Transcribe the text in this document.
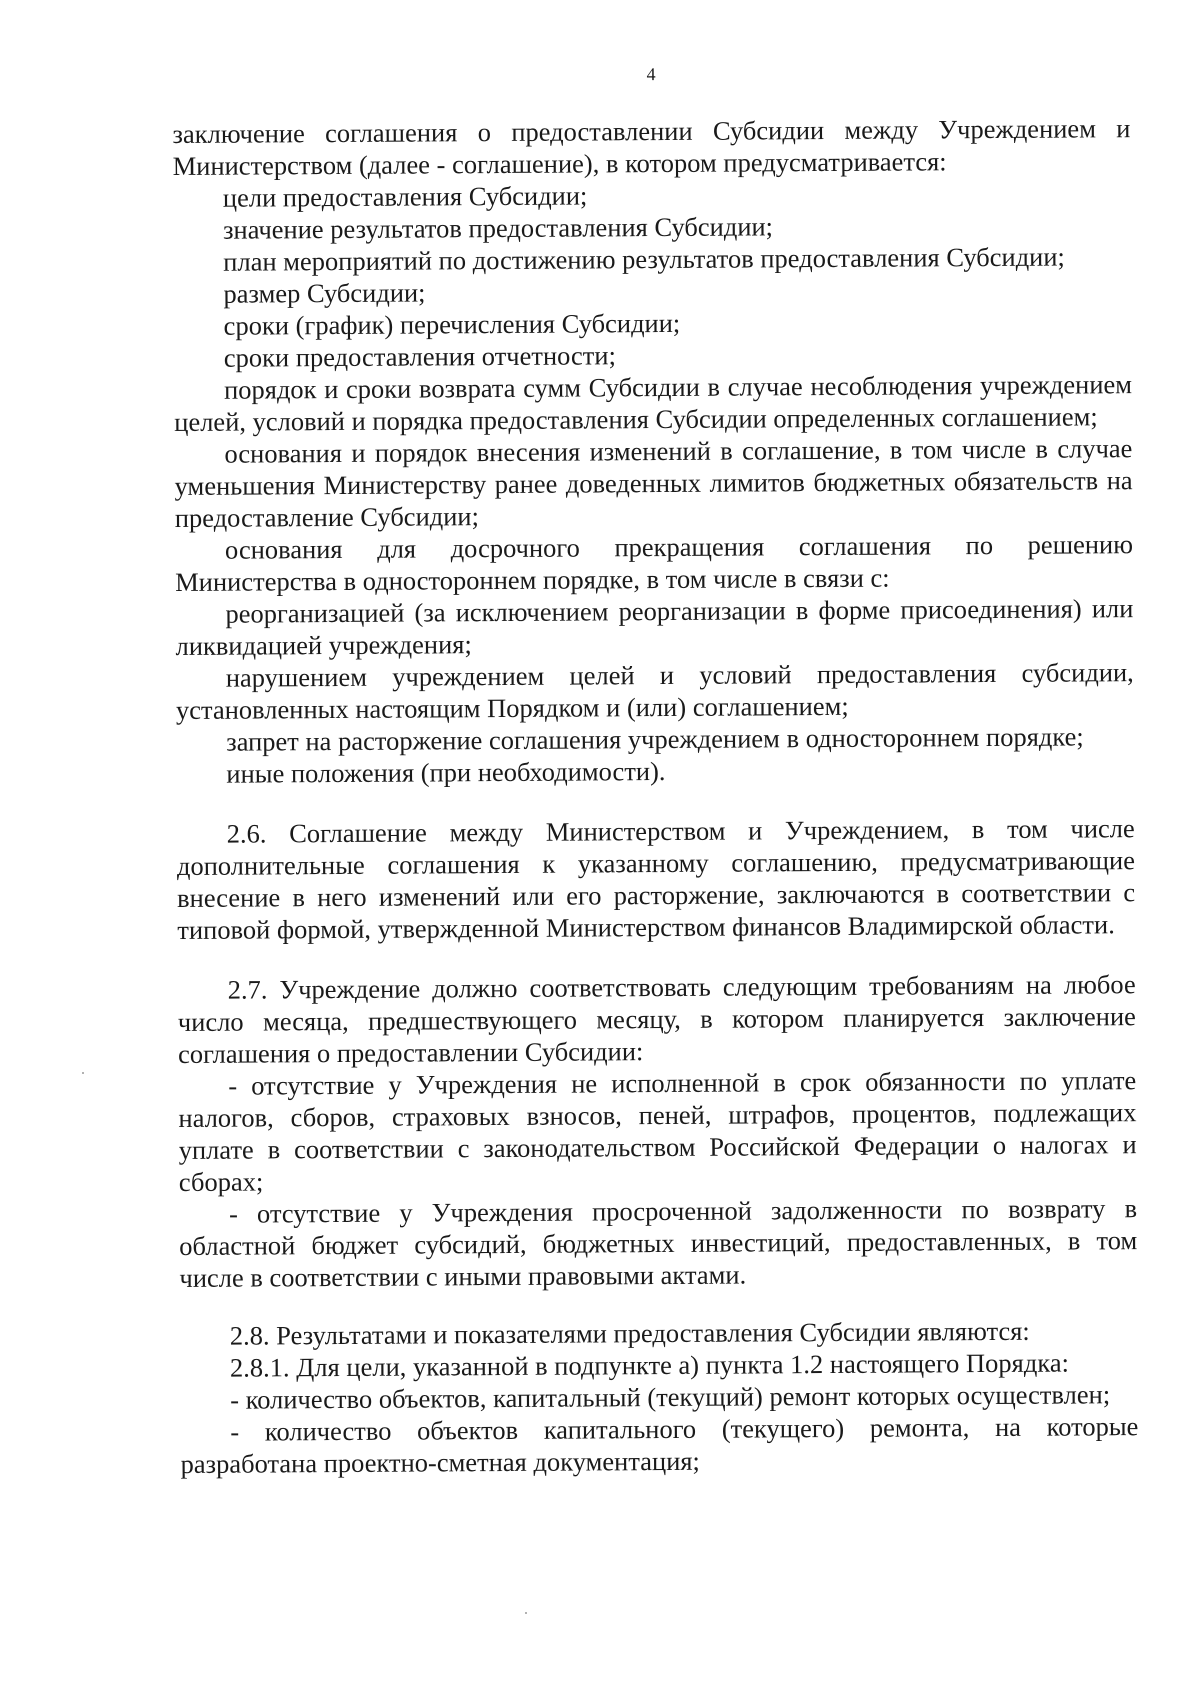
4

заключение соглашения о предоставлении Субсидии между Учреждением и Министерством (далее - соглашение), в котором предусматривается:

цели предоставления Субсидии;

значение результатов предоставления Субсидии;

план мероприятий по достижению результатов предоставления Субсидии;

размер Субсидии;

сроки (график) перечисления Субсидии;

сроки предоставления отчетности;

порядок и сроки возврата сумм Субсидии в случае несоблюдения учреждением целей, условий и порядка предоставления Субсидии определенных соглашением;

основания и порядок внесения изменений в соглашение, в том числе в случае уменьшения Министерству ранее доведенных лимитов бюджетных обязательств на предоставление Субсидии;

основания для досрочного прекращения соглашения по решению Министерства в одностороннем порядке, в том числе в связи с:

реорганизацией (за исключением реорганизации в форме присоединения) или ликвидацией учреждения;

нарушением учреждением целей и условий предоставления субсидии, установленных настоящим Порядком и (или) соглашением;

запрет на расторжение соглашения учреждением в одностороннем порядке;

иные положения (при необходимости).

2.6. Соглашение между Министерством и Учреждением, в том числе дополнительные соглашения к указанному соглашению, предусматривающие внесение в него изменений или его расторжение, заключаются в соответствии с типовой формой, утвержденной Министерством финансов Владимирской области.

2.7. Учреждение должно соответствовать следующим требованиям на любое число месяца, предшествующего месяцу, в котором планируется заключение соглашения о предоставлении Субсидии:

- отсутствие у Учреждения не исполненной в срок обязанности по уплате налогов, сборов, страховых взносов, пеней, штрафов, процентов, подлежащих уплате в соответствии с законодательством Российской Федерации о налогах и сборах;

- отсутствие у Учреждения просроченной задолженности по возврату в областной бюджет субсидий, бюджетных инвестиций, предоставленных, в том числе в соответствии с иными правовыми актами.

2.8. Результатами и показателями предоставления Субсидии являются:

2.8.1. Для цели, указанной в подпункте а) пункта 1.2 настоящего Порядка:

- количество объектов, капитальный (текущий) ремонт которых осуществлен;

- количество объектов капитального (текущего) ремонта, на которые разработана проектно-сметная документация;
